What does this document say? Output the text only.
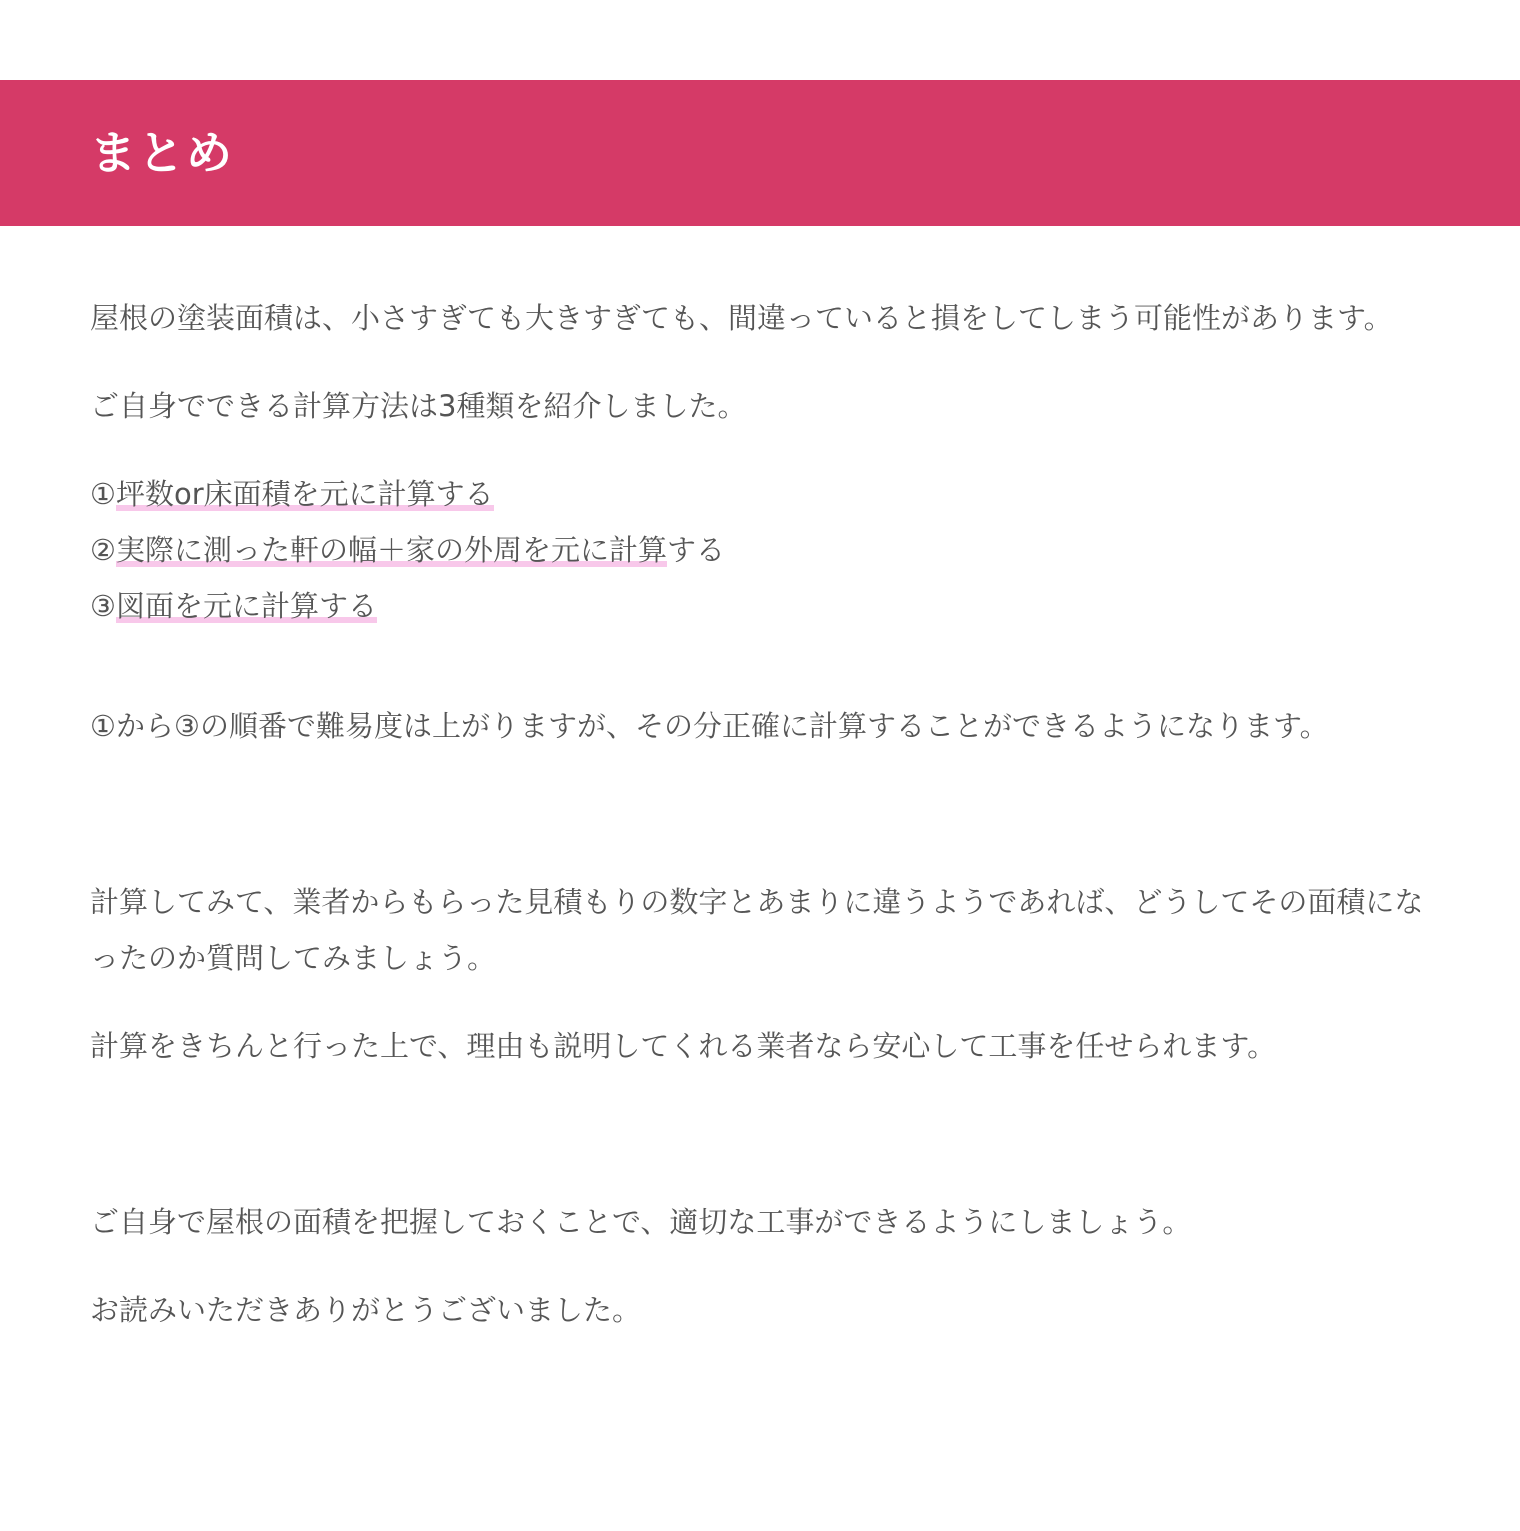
まとめ

屋根の塗装面積は、小さすぎても大きすぎても、間違っていると損をしてしまう可能性があります。

ご自身でできる計算方法は3種類を紹介しました。

①坪数or床面積を元に計算する
②実際に測った軒の幅＋家の外周を元に計算する
③図面を元に計算する

①から③の順番で難易度は上がりますが、その分正確に計算することができるようになります。

計算してみて、業者からもらった見積もりの数字とあまりに違うようであれば、どうしてその面積になったのか質問してみましょう。

計算をきちんと行った上で、理由も説明してくれる業者なら安心して工事を任せられます。

ご自身で屋根の面積を把握しておくことで、適切な工事ができるようにしましょう。

お読みいただきありがとうございました。
